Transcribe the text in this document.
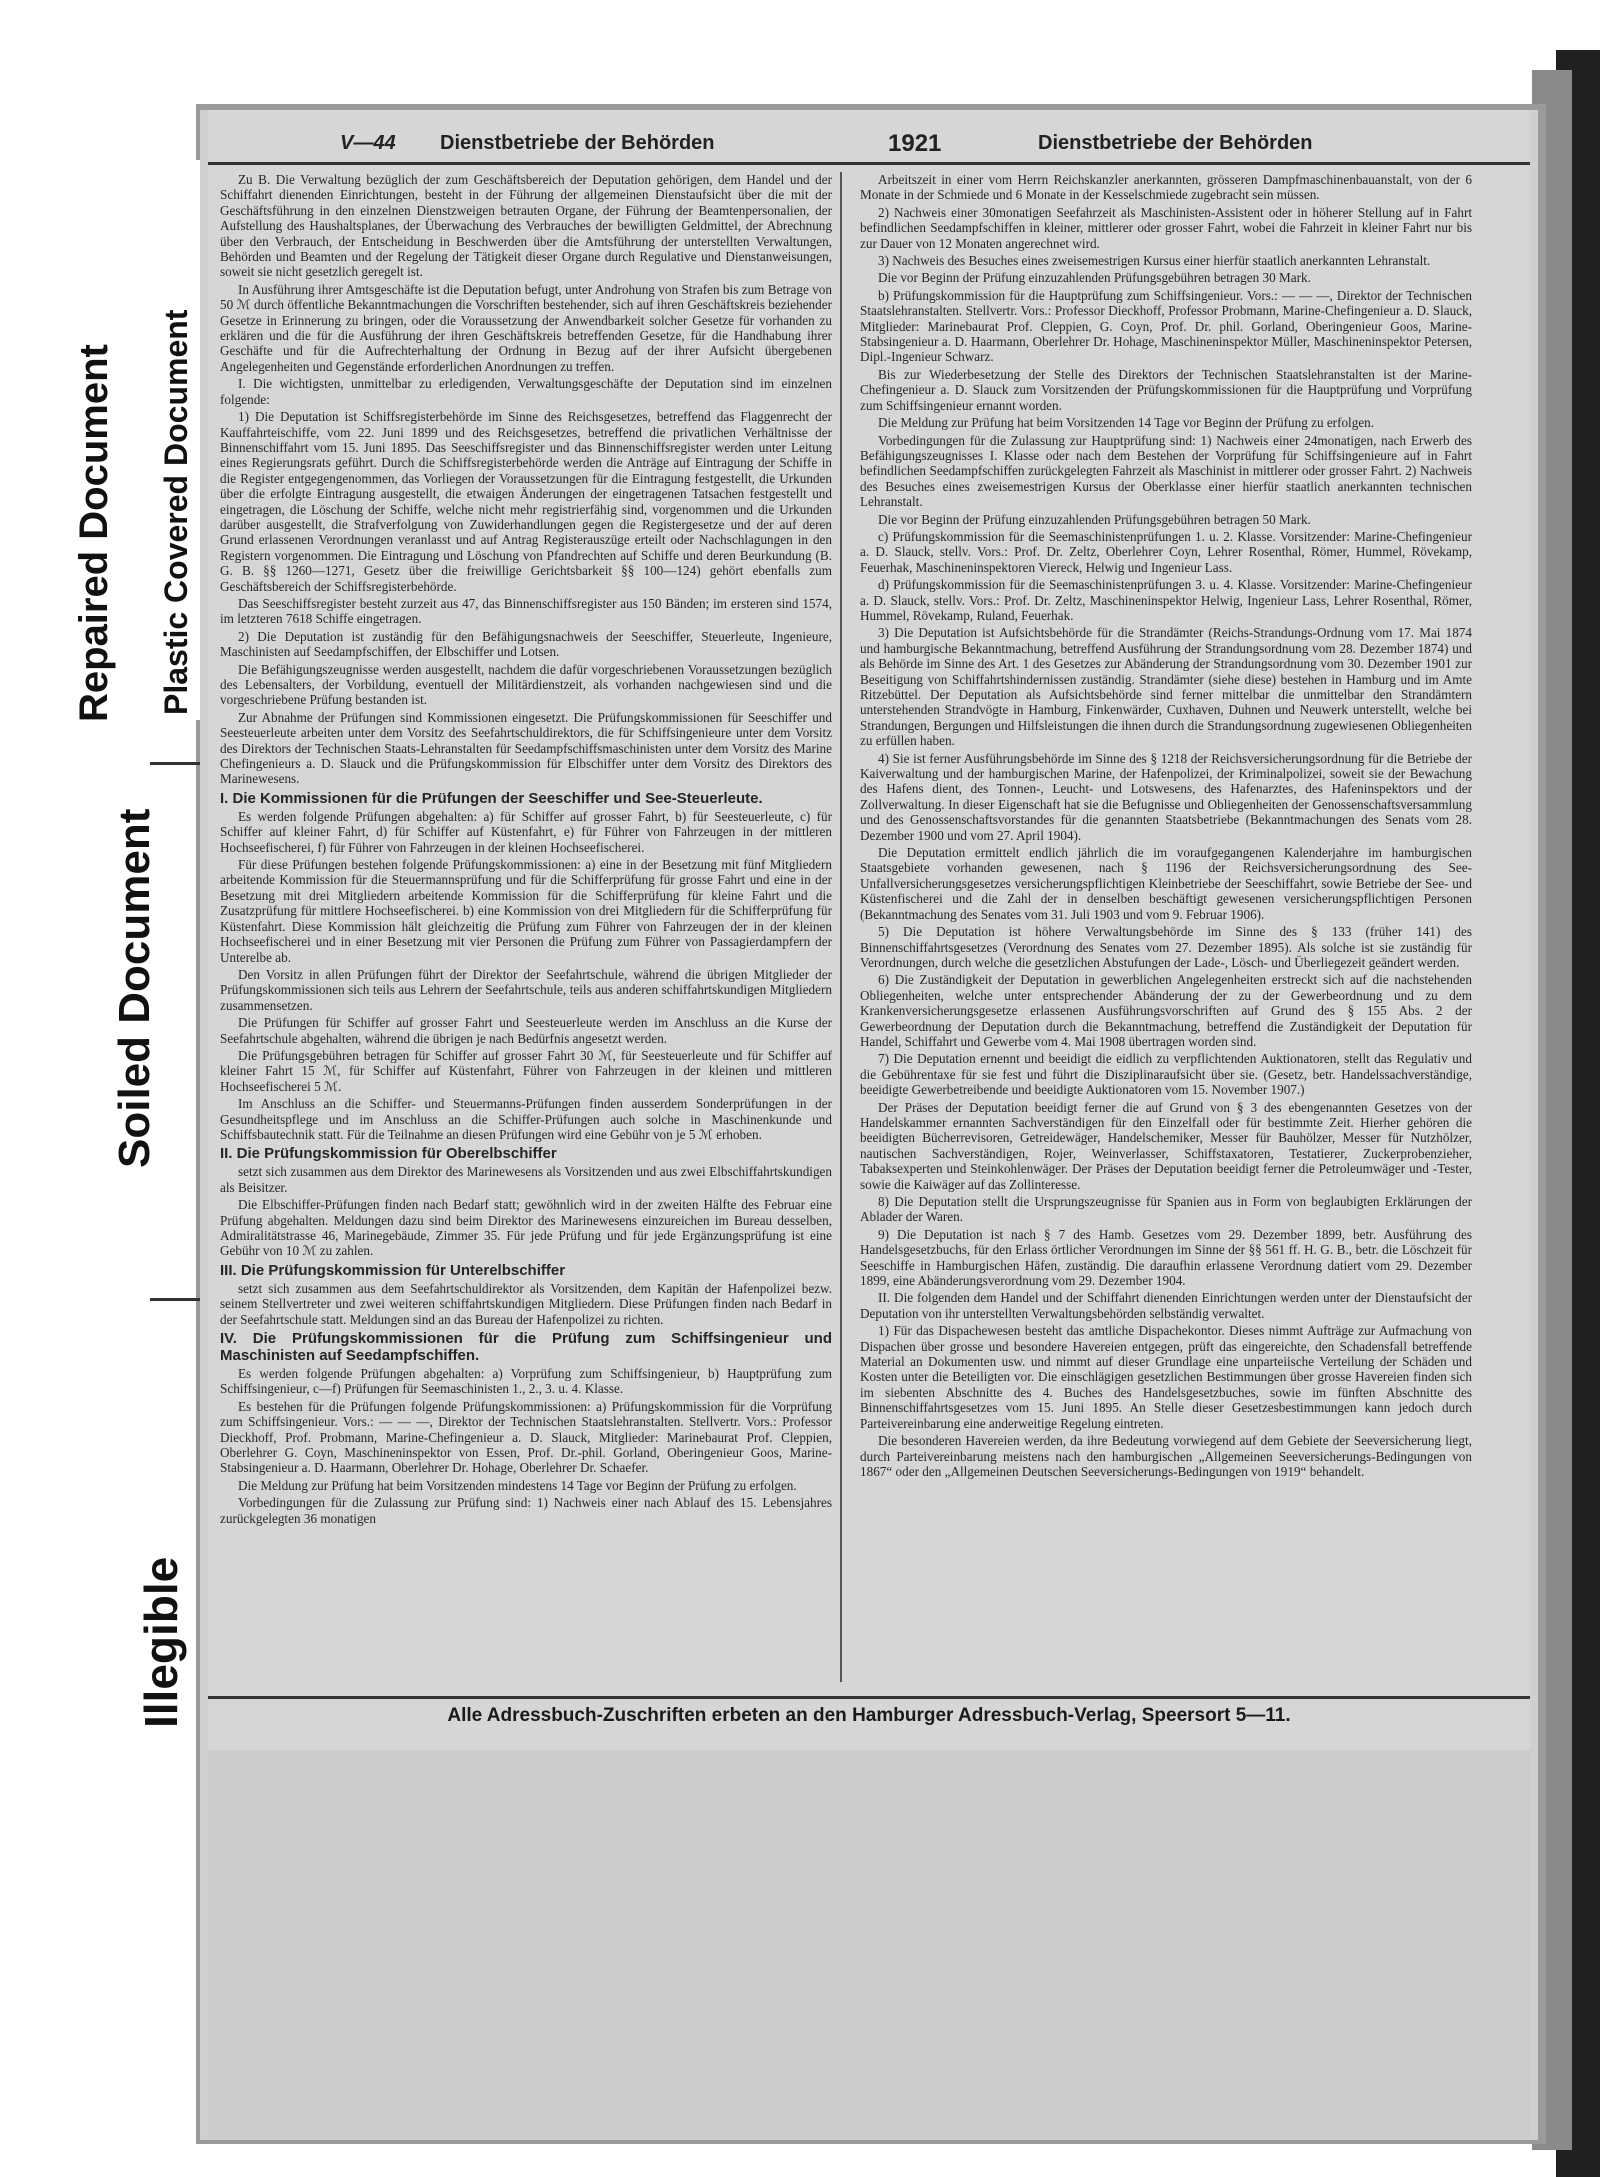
Repaired Document Plastic Covered Document
Soiled Document
Illegible
V—44 Dienstbetriebe der Behörden	1921	Dienstbetriebe der Behörden

Zu B. Die Verwaltung bezüglich der zum Geschäftsbereich der Deputation gehörigen, dem Handel und der Schiffahrt dienenden Einrichtungen, besteht in der Führung der allgemeinen Dienstaufsicht über die mit der Geschäftsführung in den einzelnen Dienstzweigen betrauten Organe, der Führung der Beamtenpersonalien, der Aufstellung des Haushaltsplanes, der Überwachung des Verbrauches der bewilligten Geldmittel, der Abrechnung über den Verbrauch, der Entscheidung in Beschwerden über die Amtsführung der unterstellten Verwaltungen, Behörden und Beamten und der Regelung der Tätigkeit dieser Organe durch Regulative und Dienstanweisungen, soweit sie nicht gesetzlich geregelt ist.

In Ausführung ihrer Amtsgeschäfte ist die Deputation befugt, unter Androhung von Strafen bis zum Betrage von 50 ℳ durch öffentliche Bekanntmachungen die Vorschriften bestehender, sich auf ihren Geschäftskreis beziehender Gesetze in Erinnerung zu bringen, oder die Voraussetzung der Anwendbarkeit solcher Gesetze für vorhanden zu erklären und die für die Ausführung der ihren Geschäftskreis betreffenden Gesetze, für die Handhabung ihrer Geschäfte und für die Aufrechterhaltung der Ordnung in Bezug auf der ihrer Aufsicht übergebenen Angelegenheiten und Gegenstände erforderlichen Anordnungen zu treffen.

I. Die wichtigsten, unmittelbar zu erledigenden, Verwaltungsgeschäfte der Deputation sind im einzelnen folgende:

1) Die Deputation ist Schiffsregisterbehörde im Sinne des Reichsgesetzes, betreffend das Flaggenrecht der Kauffahrteischiffe, vom 22. Juni 1899 und des Reichsgesetzes, betreffend die privatlichen Verhältnisse der Binnenschiffahrt vom 15. Juni 1895. Das Seeschiffsregister und das Binnenschiffsregister werden unter Leitung eines Regierungsrats geführt. Durch die Schiffsregisterbehörde werden die Anträge auf Eintragung der Schiffe in die Register entgegengenommen, das Vorliegen der Voraussetzungen für die Eintragung festgestellt, die Urkunden über die erfolgte Eintragung ausgestellt, die etwaigen Änderungen der eingetragenen Tatsachen festgestellt und eingetragen, die Löschung der Schiffe, welche nicht mehr registrierfähig sind, vorgenommen und die Urkunden darüber ausgestellt, die Strafverfolgung von Zuwiderhandlungen gegen die Registergesetze und der auf deren Grund erlassenen Verordnungen veranlasst und auf Antrag Registerauszüge erteilt oder Nachschlagungen in den Registern vorgenommen. Die Eintragung und Löschung von Pfandrechten auf Schiffe und deren Beurkundung (B. G. B. §§ 1260—1271, Gesetz über die freiwillige Gerichtsbarkeit §§ 100—124) gehört ebenfalls zum Geschäftsbereich der Schiffsregisterbehörde.

Das Seeschiffsregister besteht zurzeit aus 47, das Binnenschiffsregister aus 150 Bänden; im ersteren sind 1574, im letzteren 7618 Schiffe eingetragen.

2) Die Deputation ist zuständig für den Befähigungsnachweis der Seeschiffer, Steuerleute, Ingenieure, Maschinisten auf Seedampfschiffen, der Elbschiffer und Lotsen.

Die Befähigungszeugnisse werden ausgestellt, nachdem die dafür vorgeschriebenen Voraussetzungen bezüglich des Lebensalters, der Vorbildung, eventuell der Militärdienstzeit, als vorhanden nachgewiesen sind und die vorgeschriebene Prüfung bestanden ist.

Zur Abnahme der Prüfungen sind Kommissionen eingesetzt. Die Prüfungskommissionen für Seeschiffer und Seesteuerleute arbeiten unter dem Vorsitz des Seefahrtschuldirektors, die für Schiffsingenieure unter dem Vorsitz des Direktors der Technischen Staats-Lehranstalten für Seedampfschiffsmaschinisten unter dem Vorsitz des Marine Chefingenieurs a. D. Slauck und die Prüfungskommission für Elbschiffer unter dem Vorsitz des Direktors des Marinewesens.

I. Die Kommissionen für die Prüfungen der Seeschiffer und See-Steuerleute.

Es werden folgende Prüfungen abgehalten: a) für Schiffer auf grosser Fahrt, b) für Seesteuerleute, c) für Schiffer auf kleiner Fahrt, d) für Schiffer auf Küstenfahrt, e) für Führer von Fahrzeugen in der mittleren Hochseefischerei, f) für Führer von Fahrzeugen in der kleinen Hochseefischerei.

Für diese Prüfungen bestehen folgende Prüfungskommissionen: a) eine in der Besetzung mit fünf Mitgliedern arbeitende Kommission für die Steuermannsprüfung und für die Schifferprüfung für grosse Fahrt und eine in der Besetzung mit drei Mitgliedern arbeitende Kommission für die Schifferprüfung für kleine Fahrt und die Zusatzprüfung für mittlere Hochseefischerei. b) eine Kommission von drei Mitgliedern für die Schifferprüfung für Küstenfahrt. Diese Kommission hält gleichzeitig die Prüfung zum Führer von Fahrzeugen der in der kleinen Hochseefischerei und in einer Besetzung mit vier Personen die Prüfung zum Führer von Passagierdampfern der Unterelbe ab.

Den Vorsitz in allen Prüfungen führt der Direktor der Seefahrtschule, während die übrigen Mitglieder der Prüfungskommissionen sich teils aus Lehrern der Seefahrtschule, teils aus anderen schiffahrtskundigen Mitgliedern zusammensetzen.

Die Prüfungen für Schiffer auf grosser Fahrt und Seesteuerleute werden im Anschluss an die Kurse der Seefahrtschule abgehalten, während die übrigen je nach Bedürfnis angesetzt werden.

Die Prüfungsgebühren betragen für Schiffer auf grosser Fahrt 30 ℳ, für Seesteuerleute und für Schiffer auf kleiner Fahrt 15 ℳ, für Schiffer auf Küstenfahrt, Führer von Fahrzeugen in der kleinen und mittleren Hochseefischerei 5 ℳ.

Im Anschluss an die Schiffer- und Steuermanns-Prüfungen finden ausserdem Sonderprüfungen in der Gesundheitspflege und im Anschluss an die Schiffer-Prüfungen auch solche in Maschinenkunde und Schiffsbautechnik statt. Für die Teilnahme an diesen Prüfungen wird eine Gebühr von je 5 ℳ erhoben.

II. Die Prüfungskommission für Oberelbschiffer

setzt sich zusammen aus dem Direktor des Marinewesens als Vorsitzenden und aus zwei Elbschiffahrtskundigen als Beisitzer.

Die Elbschiffer-Prüfungen finden nach Bedarf statt; gewöhnlich wird in der zweiten Hälfte des Februar eine Prüfung abgehalten. Meldungen dazu sind beim Direktor des Marinewesens einzureichen im Bureau desselben, Admiralitätstrasse 46, Marinegebäude, Zimmer 35. Für jede Prüfung und für jede Ergänzungsprüfung ist eine Gebühr von 10 ℳ zu zahlen.

III. Die Prüfungskommission für Unterelbschiffer

setzt sich zusammen aus dem Seefahrtschuldirektor als Vorsitzenden, dem Kapitän der Hafenpolizei bezw. seinem Stellvertreter und zwei weiteren schiffahrtskundigen Mitgliedern. Diese Prüfungen finden nach Bedarf in der Seefahrtschule statt. Meldungen sind an das Bureau der Hafenpolizei zu richten.

IV. Die Prüfungskommissionen für die Prüfung zum Schiffsingenieur und Maschinisten auf Seedampfschiffen.

Es werden folgende Prüfungen abgehalten: a) Vorprüfung zum Schiffsingenieur, b) Hauptprüfung zum Schiffsingenieur, c—f) Prüfungen für Seemaschinisten 1., 2., 3. u. 4. Klasse.

Es bestehen für die Prüfungen folgende Prüfungskommissionen: a) Prüfungskommission für die Vorprüfung zum Schiffsingenieur. Vors.: — — —, Direktor der Technischen Staatslehranstalten. Stellvertr. Vors.: Professor Dieckhoff, Prof. Probmann, Marine-Chefingenieur a. D. Slauck, Mitglieder: Marinebaurat Prof. Cleppien, Oberlehrer G. Coyn, Maschineninspektor von Essen, Prof. Dr.-phil. Gorland, Oberingenieur Goos, Marine-Stabsingenieur a. D. Haarmann, Oberlehrer Dr. Hohage, Oberlehrer Dr. Schaefer.

Die Meldung zur Prüfung hat beim Vorsitzenden mindestens 14 Tage vor Beginn der Prüfung zu erfolgen.

Vorbedingungen für die Zulassung zur Prüfung sind: 1) Nachweis einer nach Ablauf des 15. Lebensjahres zurückgelegten 36 monatigen

Arbeitszeit in einer vom Herrn Reichskanzler anerkannten, grösseren Dampfmaschinenbauanstalt, von der 6 Monate in der Schmiede und 6 Monate in der Kesselschmiede zugebracht sein müssen.

2) Nachweis einer 30monatigen Seefahrzeit als Maschinisten-Assistent oder in höherer Stellung auf in Fahrt befindlichen Seedampfschiffen in kleiner, mittlerer oder grosser Fahrt, wobei die Fahrzeit in kleiner Fahrt nur bis zur Dauer von 12 Monaten angerechnet wird.

3) Nachweis des Besuches eines zweisemestrigen Kursus einer hierfür staatlich anerkannten Lehranstalt.

Die vor Beginn der Prüfung einzuzahlenden Prüfungsgebühren betragen 30 Mark.

b) Prüfungskommission für die Hauptprüfung zum Schiffsingenieur. Vors.: — — —, Direktor der Technischen Staatslehranstalten. Stellvertr. Vors.: Professor Dieckhoff, Professor Probmann, Marine-Chefingenieur a. D. Slauck, Mitglieder: Marinebaurat Prof. Cleppien, G. Coyn, Prof. Dr. phil. Gorland, Oberingenieur Goos, Marine-Stabsingenieur a. D. Haarmann, Oberlehrer Dr. Hohage, Maschineninspektor Müller, Maschineninspektor Petersen, Dipl.-Ingenieur Schwarz.

Bis zur Wiederbesetzung der Stelle des Direktors der Technischen Staatslehranstalten ist der Marine-Chefingenieur a. D. Slauck zum Vorsitzenden der Prüfungskommissionen für die Hauptprüfung und Vorprüfung zum Schiffsingenieur ernannt worden.

Die Meldung zur Prüfung hat beim Vorsitzenden 14 Tage vor Beginn der Prüfung zu erfolgen.

Vorbedingungen für die Zulassung zur Hauptprüfung sind: 1) Nachweis einer 24monatigen, nach Erwerb des Befähigungszeugnisses I. Klasse oder nach dem Bestehen der Vorprüfung für Schiffsingenieure auf in Fahrt befindlichen Seedampfschiffen zurückgelegten Fahrzeit als Maschinist in mittlerer oder grosser Fahrt. 2) Nachweis des Besuches eines zweisemestrigen Kursus der Oberklasse einer hierfür staatlich anerkannten technischen Lehranstalt.

Die vor Beginn der Prüfung einzuzahlenden Prüfungsgebühren betragen 50 Mark.

c) Prüfungskommission für die Seemaschinistenprüfungen 1. u. 2. Klasse. Vorsitzender: Marine-Chefingenieur a. D. Slauck, stellv. Vors.: Prof. Dr. Zeltz, Oberlehrer Coyn, Lehrer Rosenthal, Römer, Hummel, Rövekamp, Feuerhak, Maschineninspektoren Viereck, Helwig und Ingenieur Lass.

d) Prüfungskommission für die Seemaschinistenprüfungen 3. u. 4. Klasse. Vorsitzender: Marine-Chefingenieur a. D. Slauck, stellv. Vors.: Prof. Dr. Zeltz, Maschineninspektor Helwig, Ingenieur Lass, Lehrer Rosenthal, Römer, Hummel, Rövekamp, Ruland, Feuerhak.

3) Die Deputation ist Aufsichtsbehörde für die Strandämter (Reichs-Strandungs-Ordnung vom 17. Mai 1874 und hamburgische Bekanntmachung, betreffend Ausführung der Strandungsordnung vom 28. Dezember 1874) und als Behörde im Sinne des Art. 1 des Gesetzes zur Abänderung der Strandungsordnung vom 30. Dezember 1901 zur Beseitigung von Schiffahrtshindernissen zuständig. Strandämter (siehe diese) bestehen in Hamburg und im Amte Ritzebüttel. Der Deputation als Aufsichtsbehörde sind ferner mittelbar die unmittelbar den Strandämtern unterstehenden Strandvögte in Hamburg, Finkenwärder, Cuxhaven, Duhnen und Neuwerk unterstellt, welche bei Strandungen, Bergungen und Hilfsleistungen die ihnen durch die Strandungsordnung zugewiesenen Obliegenheiten zu erfüllen haben.

4) Sie ist ferner Ausführungsbehörde im Sinne des § 1218 der Reichsversicherungsordnung für die Betriebe der Kaiverwaltung und der hamburgischen Marine, der Hafenpolizei, der Kriminalpolizei, soweit sie der Bewachung des Hafens dient, des Tonnen-, Leucht- und Lotswesens, des Hafenarztes, des Hafeninspektors und der Zollverwaltung. In dieser Eigenschaft hat sie die Befugnisse und Obliegenheiten der Genossenschaftsversammlung und des Genossenschaftsvorstandes für die genannten Staatsbetriebe (Bekanntmachungen des Senats vom 28. Dezember 1900 und vom 27. April 1904).

Die Deputation ermittelt endlich jährlich die im voraufgegangenen Kalenderjahre im hamburgischen Staatsgebiete vorhanden gewesenen, nach § 1196 der Reichsversicherungsordnung des See-Unfallversicherungsgesetzes versicherungspflichtigen Kleinbetriebe der Seeschiffahrt, sowie Betriebe der See- und Küstenfischerei und die Zahl der in denselben beschäftigt gewesenen versicherungspflichtigen Personen (Bekanntmachung des Senates vom 31. Juli 1903 und vom 9. Februar 1906).

5) Die Deputation ist höhere Verwaltungsbehörde im Sinne des § 133 (früher 141) des Binnenschiffahrtsgesetzes (Verordnung des Senates vom 27. Dezember 1895). Als solche ist sie zuständig für Verordnungen, durch welche die gesetzlichen Abstufungen der Lade-, Lösch- und Überliegezeit geändert werden.

6) Die Zuständigkeit der Deputation in gewerblichen Angelegenheiten erstreckt sich auf die nachstehenden Obliegenheiten, welche unter entsprechender Abänderung der zu der Gewerbeordnung und zu dem Krankenversicherungsgesetze erlassenen Ausführungsvorschriften auf Grund des § 155 Abs. 2 der Gewerbeordnung der Deputation durch die Bekanntmachung, betreffend die Zuständigkeit der Deputation für Handel, Schiffahrt und Gewerbe vom 4. Mai 1908 übertragen worden sind.

7) Die Deputation ernennt und beeidigt die eidlich zu verpflichtenden Auktionatoren, stellt das Regulativ und die Gebührentaxe für sie fest und führt die Disziplinaraufsicht über sie. (Gesetz, betr. Handelssachverständige, beeidigte Gewerbetreibende und beeidigte Auktionatoren vom 15. November 1907.)

Der Präses der Deputation beeidigt ferner die auf Grund von § 3 des ebengenannten Gesetzes von der Handelskammer ernannten Sachverständigen für den Einzelfall oder für bestimmte Zeit. Hierher gehören die beeidigten Bücherrevisoren, Getreidewäger, Handelschemiker, Messer für Bauhölzer, Messer für Nutzhölzer, nautischen Sachverständigen, Rojer, Weinverlasser, Schiffstaxatoren, Testatierer, Zuckerprobenzieher, Tabaksexperten und Steinkohlenwäger. Der Präses der Deputation beeidigt ferner die Petroleumwäger und -Tester, sowie die Kaiwäger auf das Zollinteresse.

8) Die Deputation stellt die Ursprungszeugnisse für Spanien aus in Form von beglaubigten Erklärungen der Ablader der Waren.

9) Die Deputation ist nach § 7 des Hamb. Gesetzes vom 29. Dezember 1899, betr. Ausführung des Handelsgesetzbuchs, für den Erlass örtlicher Verordnungen im Sinne der §§ 561 ff. H. G. B., betr. die Löschzeit für Seeschiffe in Hamburgischen Häfen, zuständig. Die daraufhin erlassene Verordnung datiert vom 29. Dezember 1899, eine Abänderungsverordnung vom 29. Dezember 1904.

II. Die folgenden dem Handel und der Schiffahrt dienenden Einrichtungen werden unter der Dienstaufsicht der Deputation von ihr unterstellten Verwaltungsbehörden selbständig verwaltet.

1) Für das Dispachewesen besteht das amtliche Dispachekontor. Dieses nimmt Aufträge zur Aufmachung von Dispachen über grosse und besondere Havereien entgegen, prüft das eingereichte, den Schadensfall betreffende Material an Dokumenten usw. und nimmt auf dieser Grundlage eine unparteiische Verteilung der Schäden und Kosten unter die Beteiligten vor. Die einschlägigen gesetzlichen Bestimmungen über grosse Havereien finden sich im siebenten Abschnitte des 4. Buches des Handelsgesetzbuches, sowie im fünften Abschnitte des Binnenschiffahrtsgesetzes vom 15. Juni 1895. An Stelle dieser Gesetzesbestimmungen kann jedoch durch Parteivereinbarung eine anderweitige Regelung eintreten.

Die besonderen Havereien werden, da ihre Bedeutung vorwiegend auf dem Gebiete der Seeversicherung liegt, durch Parteivereinbarung meistens nach den hamburgischen „Allgemeinen Seeversicherungs-Bedingungen von 1867“ oder den „Allgemeinen Deutschen Seeversicherungs-Bedingungen von 1919“ behandelt.

Alle Adressbuch-Zuschriften erbeten an den Hamburger Adressbuch-Verlag, Speersort 5—11.
